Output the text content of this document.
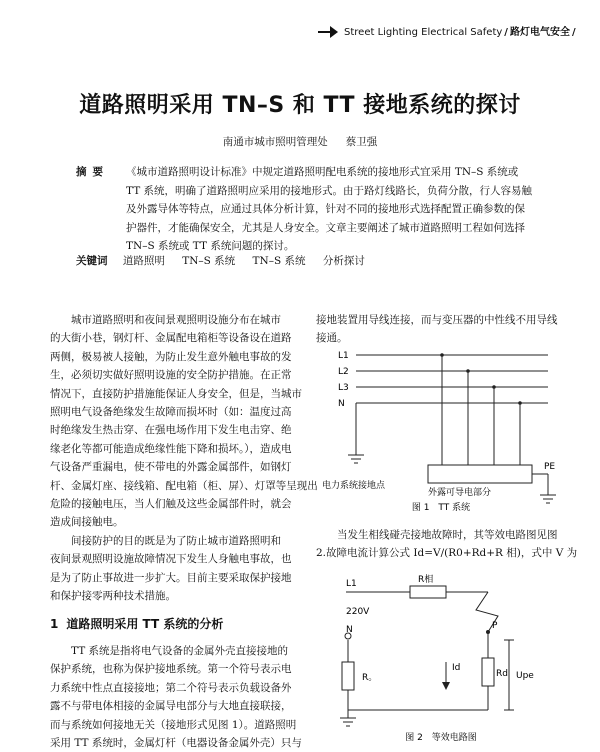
Street Lighting Electrical Safety / 路灯电气安全 /
道路照明采用 TN–S 和 TT 接地系统的探讨
南通市城市照明管理处 蔡卫强
摘要 《城市道路照明设计标准》中规定道路照明配电系统的接地形式宜采用 TN–S 系统或
TT 系统，明确了道路照明应采用的接地形式。由于路灯线路长，负荷分散，行人容易触
及外露导体等特点，应通过具体分析计算，针对不同的接地形式选择配置正确参数的保
护器件，才能确保安全，尤其是人身安全。文章主要阐述了城市道路照明工程如何选择
TN–S 系统或 TT 系统问题的探讨。
关键词 道路照明 TN–S 系统 TN–S 系统 分析探讨
城市道路照明和夜间景观照明设施分布在城市
的大街小巷，钢灯杆、金属配电箱柜等设备设在道路
两侧，极易被人接触，为防止发生意外触电事故的发
生，必须切实做好照明设施的安全防护措施。在正常
情况下，直接防护措施能保证人身安全，但是，当城市
照明电气设备绝缘发生故障而损坏时（如：温度过高
时绝缘发生热击穿、在强电场作用下发生电击穿、绝
缘老化等都可能造成绝缘性能下降和损坏。），造成电
气设备严重漏电，使不带电的外露金属部件，如钢灯
杆、金属灯座、接线箱、配电箱（柜、屏）、灯罩等呈现出
危险的接触电压，当人们触及这些金属部件时，就会
造成间接触电。
间接防护的目的既是为了防止城市道路照明和
夜间景观照明设施故障情况下发生人身触电事故，也
是为了防止事故进一步扩大。目前主要采取保护接地
和保护接零两种技术措施。
1 道路照明采用 TT 系统的分析
TT 系统是指将电气设备的金属外壳直接接地的
保护系统，也称为保护接地系统。第一个符号表示电
力系统中性点直接接地；第二个符号表示负载设备外
露不与带电体相接的金属导电部分与大地直接联接，
而与系统如何接地无关（接地形式见图 1）。道路照明
采用 TT 系统时，金属灯杆（电器设备金属外壳）只与
接地装置用导线连接，而与变压器的中性线不用导线
接通。
L1
L2
L3
N
PE
电力系统接地点
外露可导电部分
图 1　TT 系统
当发生相线碰壳接地故障时，其等效电路图见图
2.故障电流计算公式 Id=V/(R0+Rd+R 相)，式中 V 为
L1
220V
N
R相
R。
Id
P
Rd Upe
图 2　等效电路图
